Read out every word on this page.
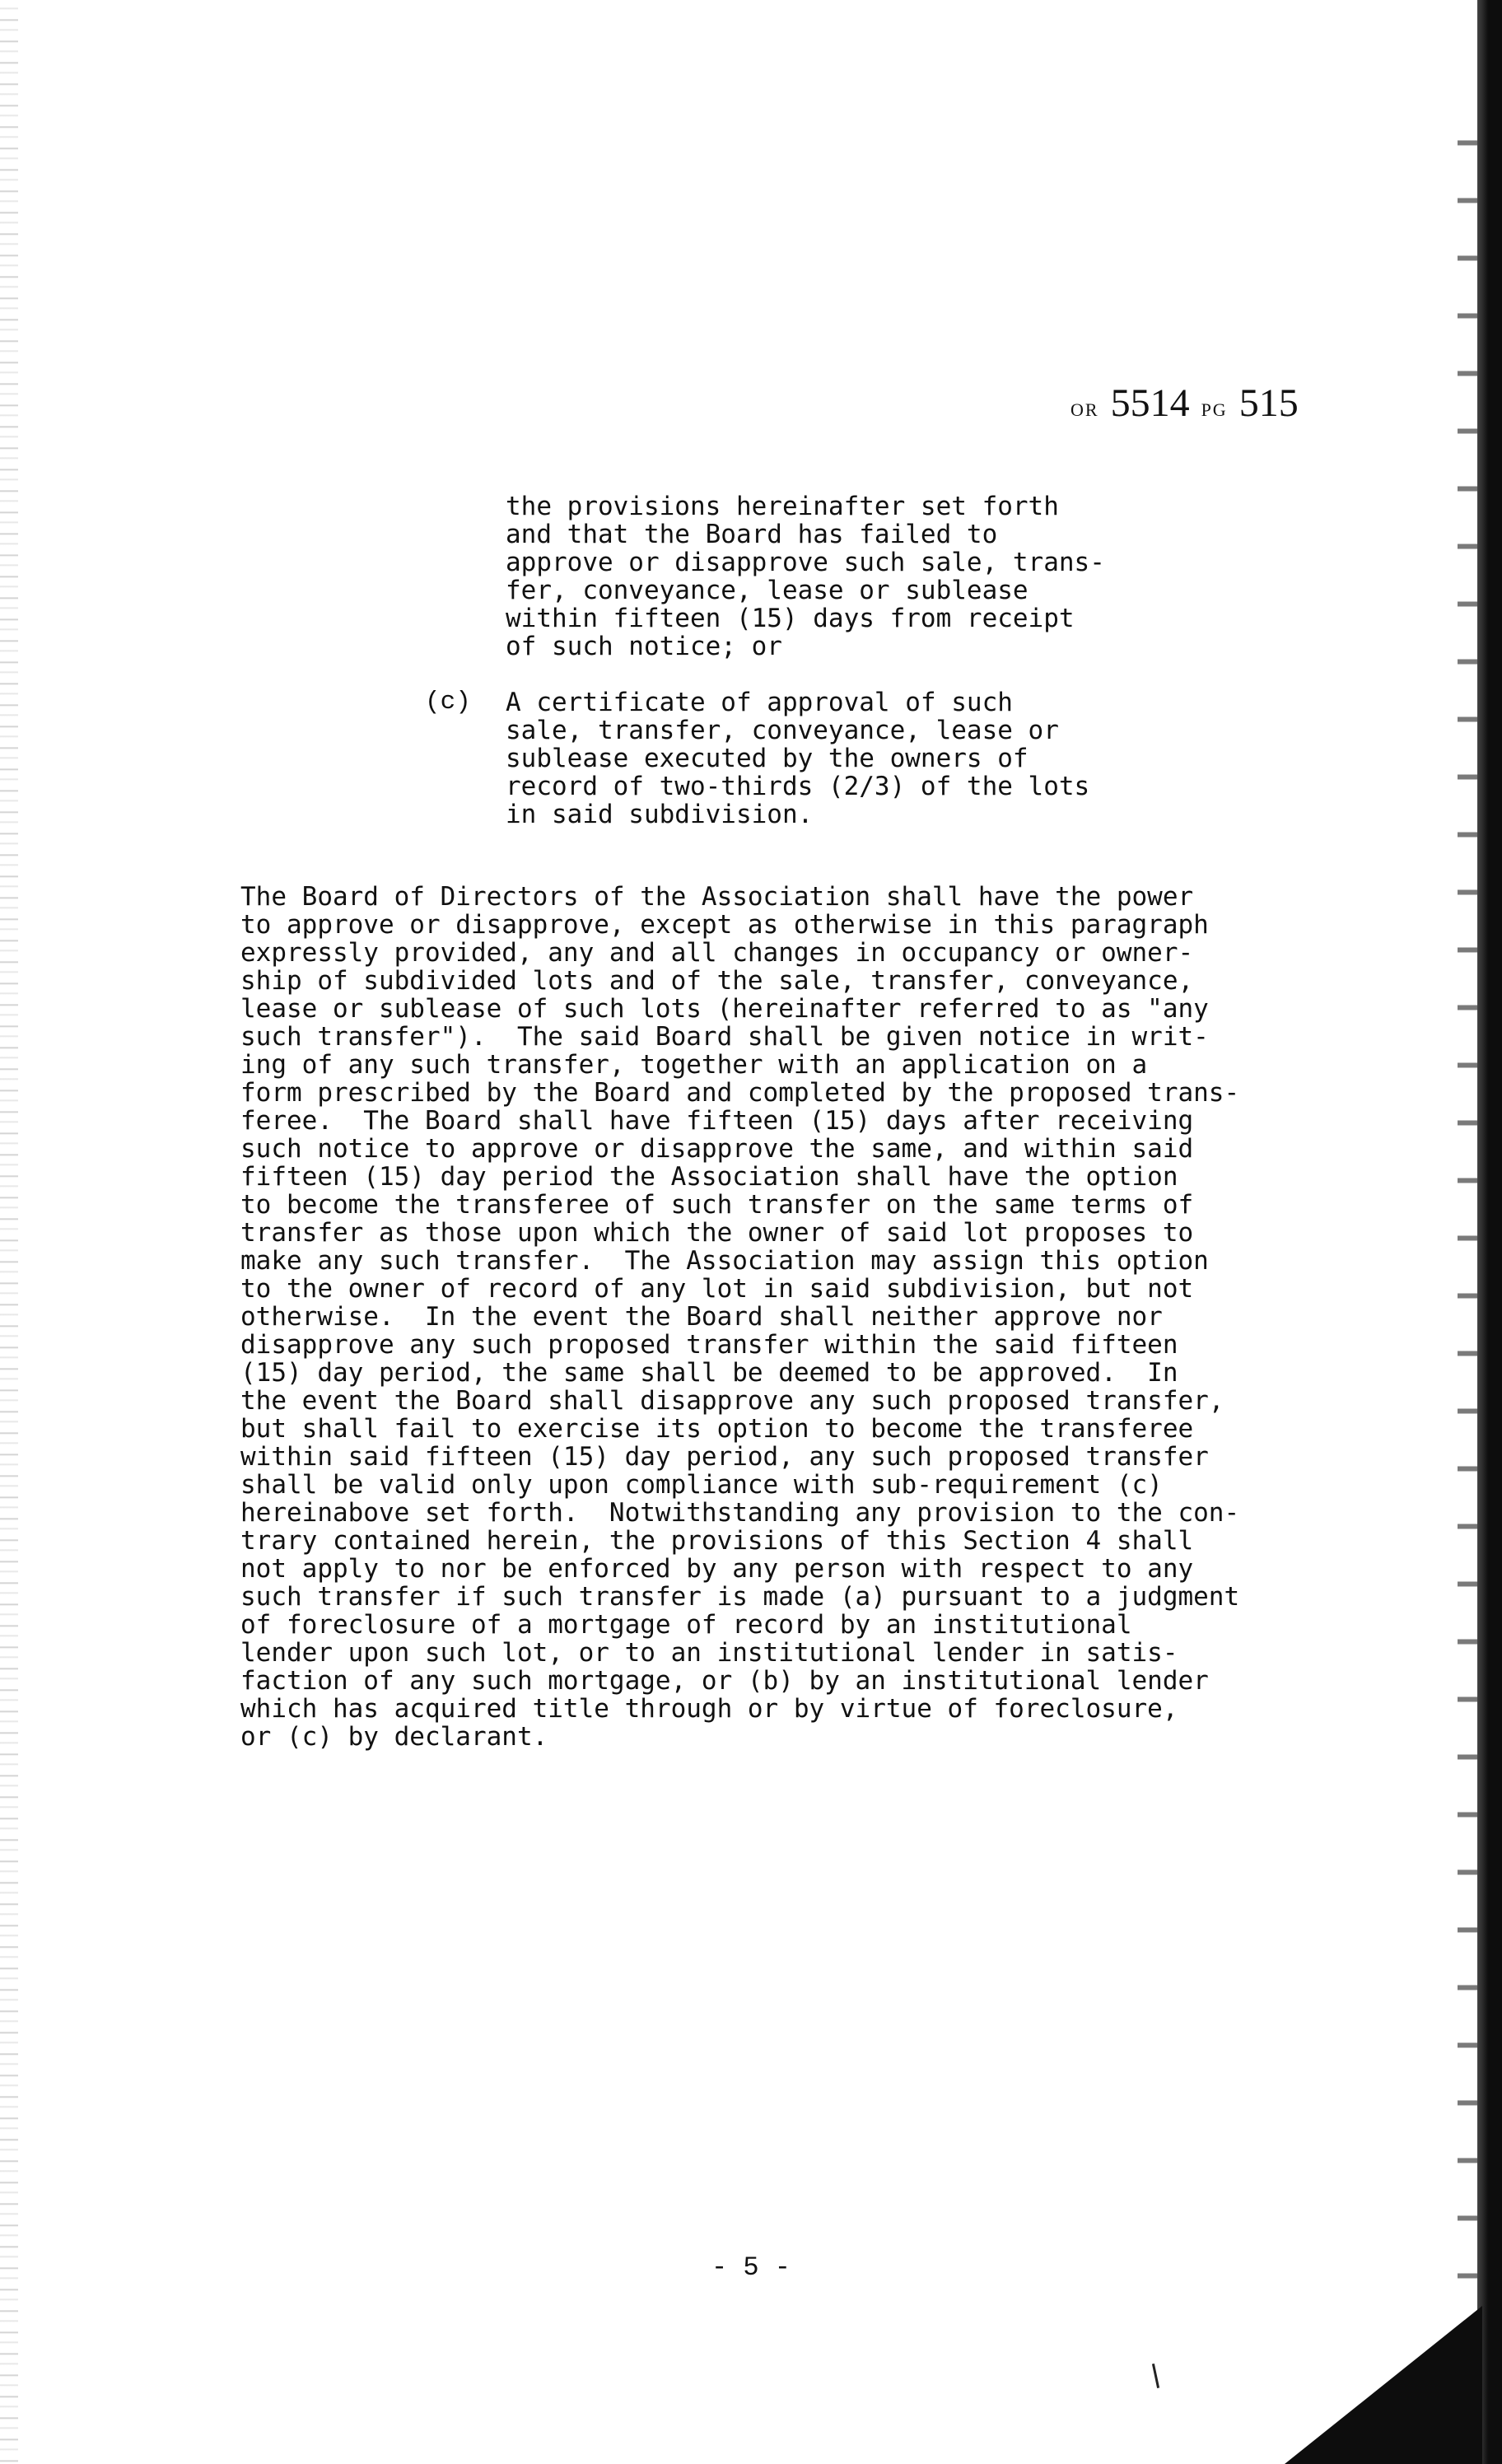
OR 5514 PG 515
the provisions hereinafter set forth
and that the Board has failed to
approve or disapprove such sale, trans-
fer, conveyance, lease or sublease
within fifteen (15) days from receipt
of such notice; or
(c) A certificate of approval of such
sale, transfer, conveyance, lease or
sublease executed by the owners of
record of two-thirds (2/3) of the lots
in said subdivision.
The Board of Directors of the Association shall have the power
to approve or disapprove, except as otherwise in this paragraph
expressly provided, any and all changes in occupancy or owner-
ship of subdivided lots and of the sale, transfer, conveyance,
lease or sublease of such lots (hereinafter referred to as "any
such transfer").  The said Board shall be given notice in writ-
ing of any such transfer, together with an application on a
form prescribed by the Board and completed by the proposed trans-
feree.  The Board shall have fifteen (15) days after receiving
such notice to approve or disapprove the same, and within said
fifteen (15) day period the Association shall have the option
to become the transferee of such transfer on the same terms of
transfer as those upon which the owner of said lot proposes to
make any such transfer.  The Association may assign this option
to the owner of record of any lot in said subdivision, but not
otherwise.  In the event the Board shall neither approve nor
disapprove any such proposed transfer within the said fifteen
(15) day period, the same shall be deemed to be approved.  In
the event the Board shall disapprove any such proposed transfer,
but shall fail to exercise its option to become the transferee
within said fifteen (15) day period, any such proposed transfer
shall be valid only upon compliance with sub-requirement (c)
hereinabove set forth.  Notwithstanding any provision to the con-
trary contained herein, the provisions of this Section 4 shall
not apply to nor be enforced by any person with respect to any
such transfer if such transfer is made (a) pursuant to a judgment
of foreclosure of a mortgage of record by an institutional
lender upon such lot, or to an institutional lender in satis-
faction of any such mortgage, or (b) by an institutional lender
which has acquired title through or by virtue of foreclosure,
or (c) by declarant.
- 5 -
